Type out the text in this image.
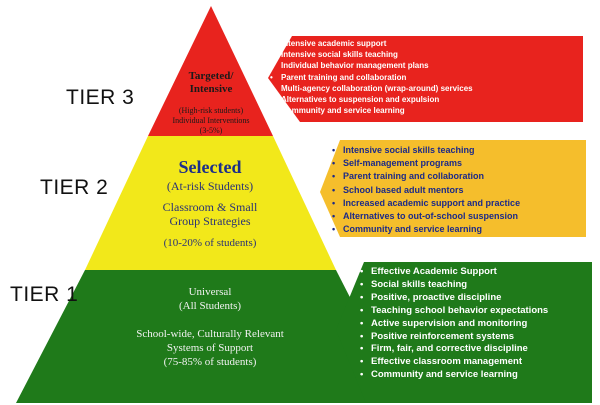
TIER 3
TIER 2
TIER 1
Targeted/
Intensive
(High-risk students)
Individual Interventions
(3-5%)
Selected
(At-risk Students)
Classroom & Small
Group Strategies
(10-20% of students)
Universal
(All Students)
School-wide, Culturally Relevant
Systems of Support
(75-85% of students)
• Intensive academic support
• Intensive social skills teaching
• Individual behavior management plans
• Parent training and collaboration
• Multi-agency collaboration (wrap-around) services
• Alternatives to suspension and expulsion
• Community and service learning
• Intensive social skills teaching
• Self-management programs
• Parent training and collaboration
• School based adult mentors
• Increased academic support and practice
• Alternatives to out-of-school suspension
• Community and service learning
• Effective Academic Support
• Social skills teaching
• Positive, proactive discipline
• Teaching school behavior expectations
• Active supervision and monitoring
• Positive reinforcement systems
• Firm, fair, and corrective discipline
• Effective classroom management
• Community and service learning
